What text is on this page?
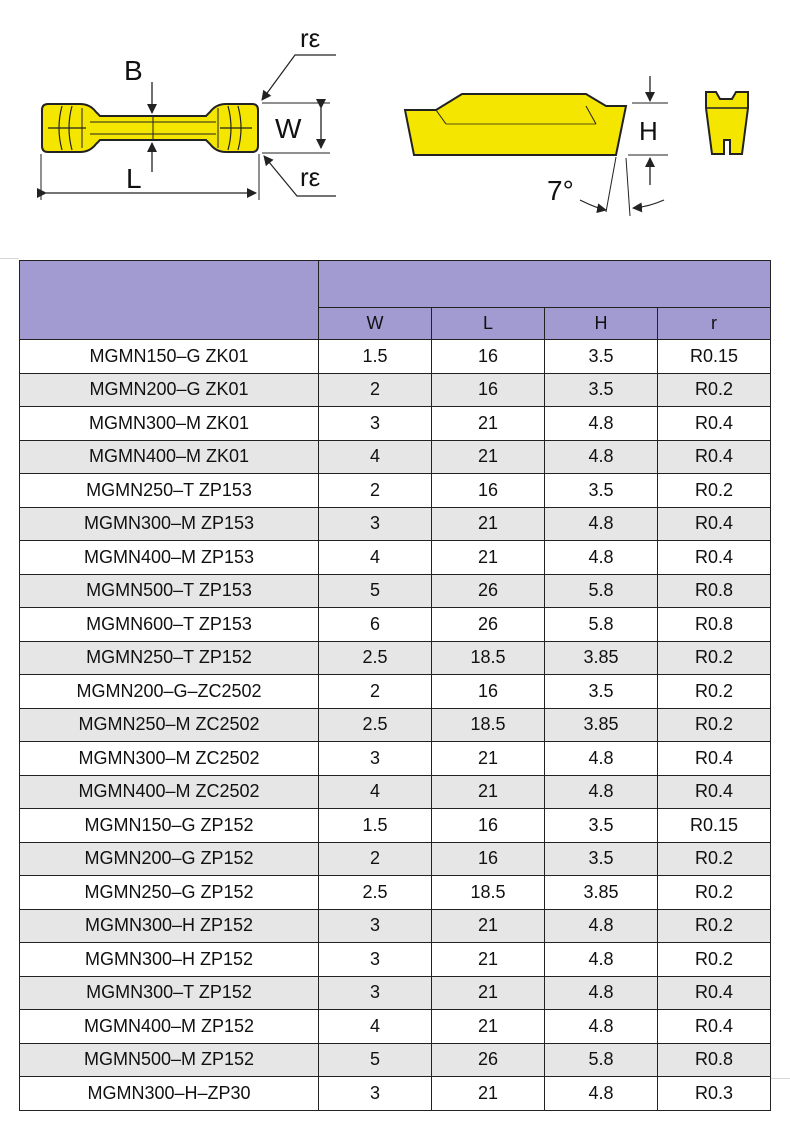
B
L
W
rε
rε
H
7°

	W	L	H	r
MGMN150–G ZK01	1.5	16	3.5	R0.15
MGMN200–G ZK01	2	16	3.5	R0.2
MGMN300–M ZK01	3	21	4.8	R0.4
MGMN400–M ZK01	4	21	4.8	R0.4
MGMN250–T ZP153	2	16	3.5	R0.2
MGMN300–M ZP153	3	21	4.8	R0.4
MGMN400–M ZP153	4	21	4.8	R0.4
MGMN500–T ZP153	5	26	5.8	R0.8
MGMN600–T ZP153	6	26	5.8	R0.8
MGMN250–T ZP152	2.5	18.5	3.85	R0.2
MGMN200–G–ZC2502	2	16	3.5	R0.2
MGMN250–M ZC2502	2.5	18.5	3.85	R0.2
MGMN300–M ZC2502	3	21	4.8	R0.4
MGMN400–M ZC2502	4	21	4.8	R0.4
MGMN150–G ZP152	1.5	16	3.5	R0.15
MGMN200–G ZP152	2	16	3.5	R0.2
MGMN250–G ZP152	2.5	18.5	3.85	R0.2
MGMN300–H ZP152	3	21	4.8	R0.2
MGMN300–H ZP152	3	21	4.8	R0.2
MGMN300–T ZP152	3	21	4.8	R0.4
MGMN400–M ZP152	4	21	4.8	R0.4
MGMN500–M ZP152	5	26	5.8	R0.8
MGMN300–H–ZP30	3	21	4.8	R0.3
